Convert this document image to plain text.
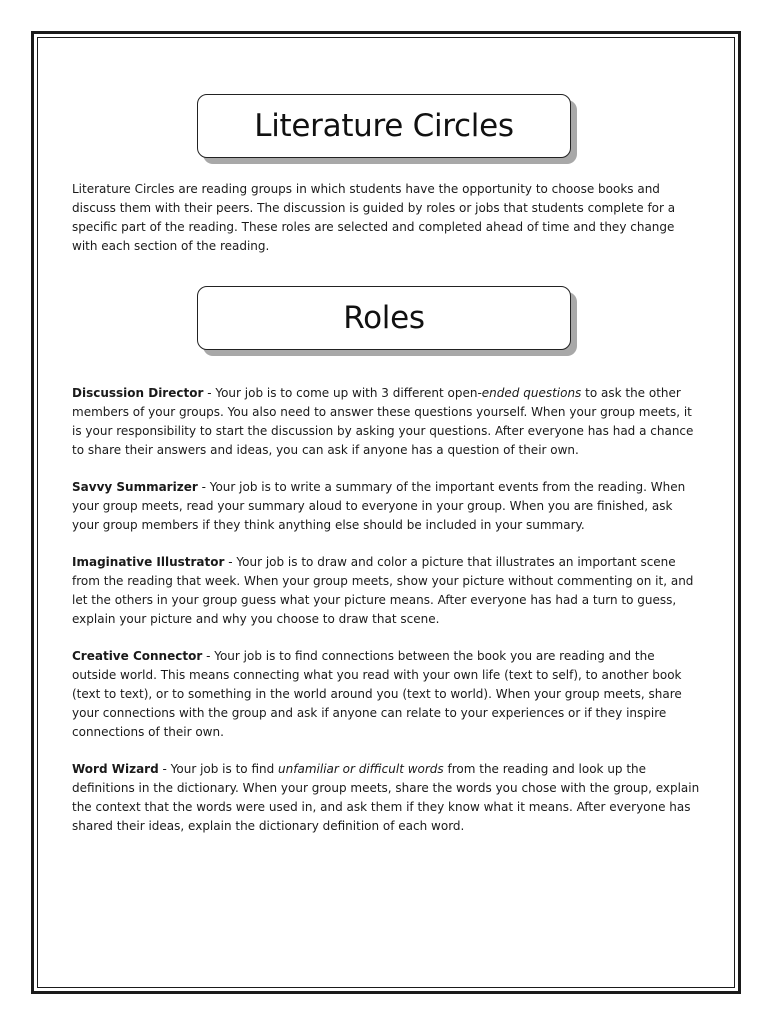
Literature Circles

Literature Circles are reading groups in which students have the opportunity to choose books and discuss them with their peers. The discussion is guided by roles or jobs that students complete for a specific part of the reading. These roles are selected and completed ahead of time and they change with each section of the reading.

Roles

Discussion Director - Your job is to come up with 3 different open-ended questions to ask the other members of your groups. You also need to answer these questions yourself. When your group meets, it is your responsibility to start the discussion by asking your questions. After everyone has had a chance to share their answers and ideas, you can ask if anyone has a question of their own.

Savvy Summarizer - Your job is to write a summary of the important events from the reading. When your group meets, read your summary aloud to everyone in your group. When you are finished, ask your group members if they think anything else should be included in your summary.

Imaginative Illustrator - Your job is to draw and color a picture that illustrates an important scene from the reading that week. When your group meets, show your picture without commenting on it, and let the others in your group guess what your picture means. After everyone has had a turn to guess, explain your picture and why you choose to draw that scene.

Creative Connector - Your job is to find connections between the book you are reading and the outside world. This means connecting what you read with your own life (text to self), to another book (text to text), or to something in the world around you (text to world). When your group meets, share your connections with the group and ask if anyone can relate to your experiences or if they inspire connections of their own.

Word Wizard - Your job is to find unfamiliar or difficult words from the reading and look up the definitions in the dictionary. When your group meets, share the words you chose with the group, explain the context that the words were used in, and ask them if they know what it means. After everyone has shared their ideas, explain the dictionary definition of each word.
